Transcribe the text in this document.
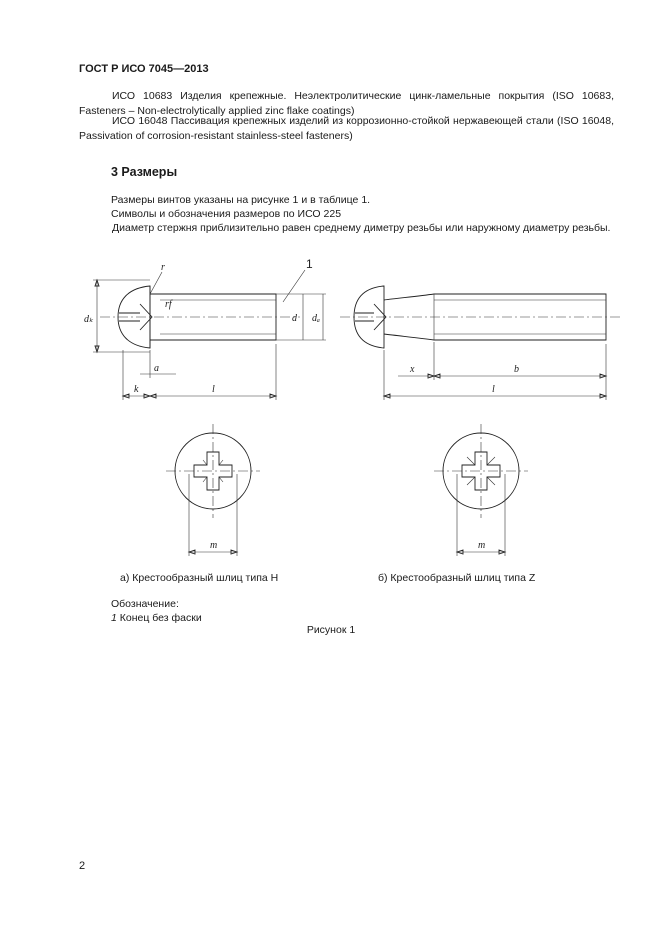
ГОСТ Р ИСО 7045—2013
ИСО 10683 Изделия крепежные. Неэлектролитические цинк-ламельные покрытия (ISO 10683, Fasteners – Non-electrolytically applied zinc flake coatings)
ИСО 16048 Пассивация крепежных изделий из коррозионно-стойкой нержавеющей стали (ISO 16048, Passivation of corrosion-resistant stainless-steel fasteners)
3 Размеры
Размеры винтов указаны на рисунке 1 и в таблице 1.
Символы и обозначения размеров по ИСО 225
Диаметр стержня приблизительно равен среднему диметру резьбы или наружному диаметру резьбы.
dₖ	d dₐ
r
rf
1
a
k	l
x	b
l
m	m
а) Крестообразный шлиц типа H	б) Крестообразный шлиц типа Z
Обозначение:
1 Конец без фаски
Рисунок 1
2
